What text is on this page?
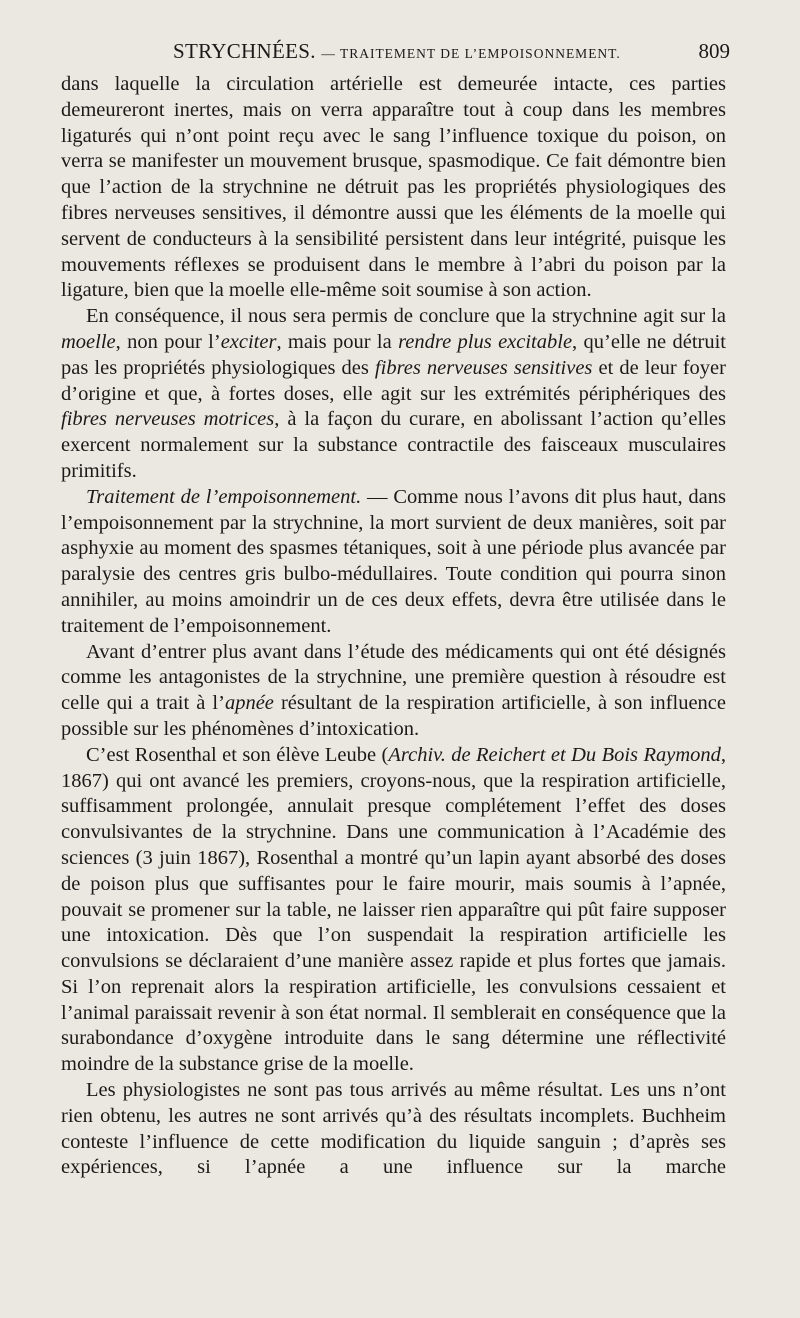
STRYCHNÉES. — TRAITEMENT DE L’EMPOISONNEMENT.	809

dans laquelle la circulation artérielle est demeurée intacte, ces parties demeureront inertes, mais on verra apparaître tout à coup dans les membres ligaturés qui n’ont point reçu avec le sang l’influence toxique du poison, on verra se manifester un mouvement brusque, spasmodique. Ce fait démontre bien que l’action de la strychnine ne détruit pas les propriétés physiologiques des fibres nerveuses sensitives, il démontre aussi que les éléments de la moelle qui servent de conducteurs à la sensibilité persistent dans leur intégrité, puisque les mouvements réflexes se produisent dans le membre à l’abri du poison par la ligature, bien que la moelle elle-même soit soumise à son action.

En conséquence, il nous sera permis de conclure que la strychnine agit sur la moelle, non pour l’exciter, mais pour la rendre plus excitable, qu’elle ne détruit pas les propriétés physiologiques des fibres nerveuses sensitives et de leur foyer d’origine et que, à fortes doses, elle agit sur les extrémités périphériques des fibres nerveuses motrices, à la façon du curare, en abolissant l’action qu’elles exercent normalement sur la substance contractile des faisceaux musculaires primitifs.

Traitement de l’empoisonnement. — Comme nous l’avons dit plus haut, dans l’empoisonnement par la strychnine, la mort survient de deux manières, soit par asphyxie au moment des spasmes tétaniques, soit à une période plus avancée par paralysie des centres gris bulbo-médullaires. Toute condition qui pourra sinon annihiler, au moins amoindrir un de ces deux effets, devra être utilisée dans le traitement de l’empoisonnement.

Avant d’entrer plus avant dans l’étude des médicaments qui ont été désignés comme les antagonistes de la strychnine, une première question à résoudre est celle qui a trait à l’apnée résultant de la respiration artificielle, à son influence possible sur les phénomènes d’intoxication.

C’est Rosenthal et son élève Leube (Archiv. de Reichert et Du Bois Raymond, 1867) qui ont avancé les premiers, croyons-nous, que la respiration artificielle, suffisamment prolongée, annulait presque complétement l’effet des doses convulsivantes de la strychnine. Dans une communication à l’Académie des sciences (3 juin 1867), Rosenthal a montré qu’un lapin ayant absorbé des doses de poison plus que suffisantes pour le faire mourir, mais soumis à l’apnée, pouvait se promener sur la table, ne laisser rien apparaître qui pût faire supposer une intoxication. Dès que l’on suspendait la respiration artificielle les convulsions se déclaraient d’une manière assez rapide et plus fortes que jamais. Si l’on reprenait alors la respiration artificielle, les convulsions cessaient et l’animal paraissait revenir à son état normal. Il semblerait en conséquence que la surabondance d’oxygène introduite dans le sang détermine une réflectivité moindre de la substance grise de la moelle.

Les physiologistes ne sont pas tous arrivés au même résultat. Les uns n’ont rien obtenu, les autres ne sont arrivés qu’à des résultats incomplets. Buchheim conteste l’influence de cette modification du liquide sanguin ; d’après ses expériences, si l’apnée a une influence sur la marche
